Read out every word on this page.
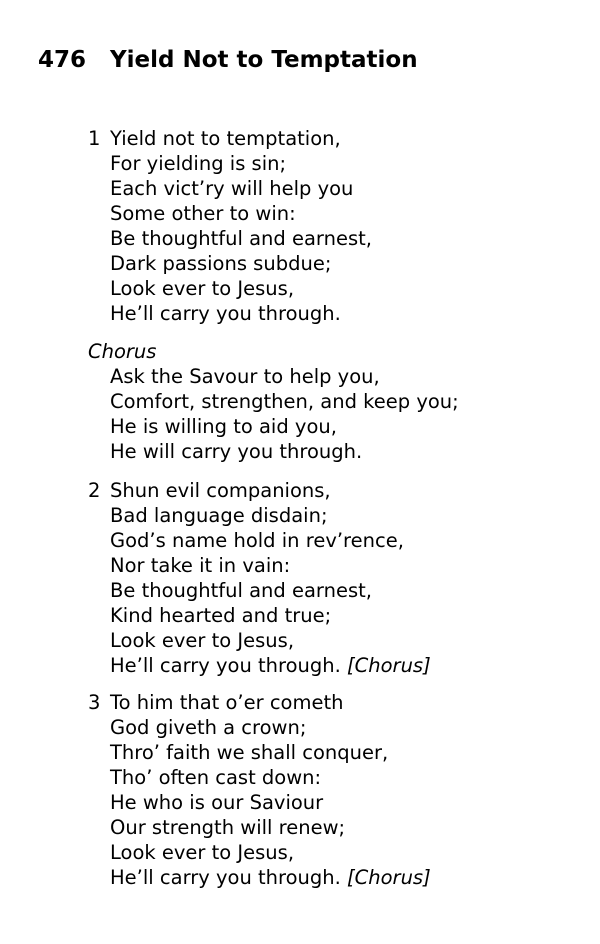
476 Yield Not to Temptation
1 Yield not to temptation,
For yielding is sin;
Each vict’ry will help you
Some other to win:
Be thoughtful and earnest,
Dark passions subdue;
Look ever to Jesus,
He’ll carry you through.
Chorus
Ask the Savour to help you,
Comfort, strengthen, and keep you;
He is willing to aid you,
He will carry you through.
2 Shun evil companions,
Bad language disdain;
God’s name hold in rev’rence,
Nor take it in vain:
Be thoughtful and earnest,
Kind hearted and true;
Look ever to Jesus,
He’ll carry you through. [Chorus]
3 To him that o’er cometh
God giveth a crown;
Thro’ faith we shall conquer,
Tho’ often cast down:
He who is our Saviour
Our strength will renew;
Look ever to Jesus,
He’ll carry you through. [Chorus]
